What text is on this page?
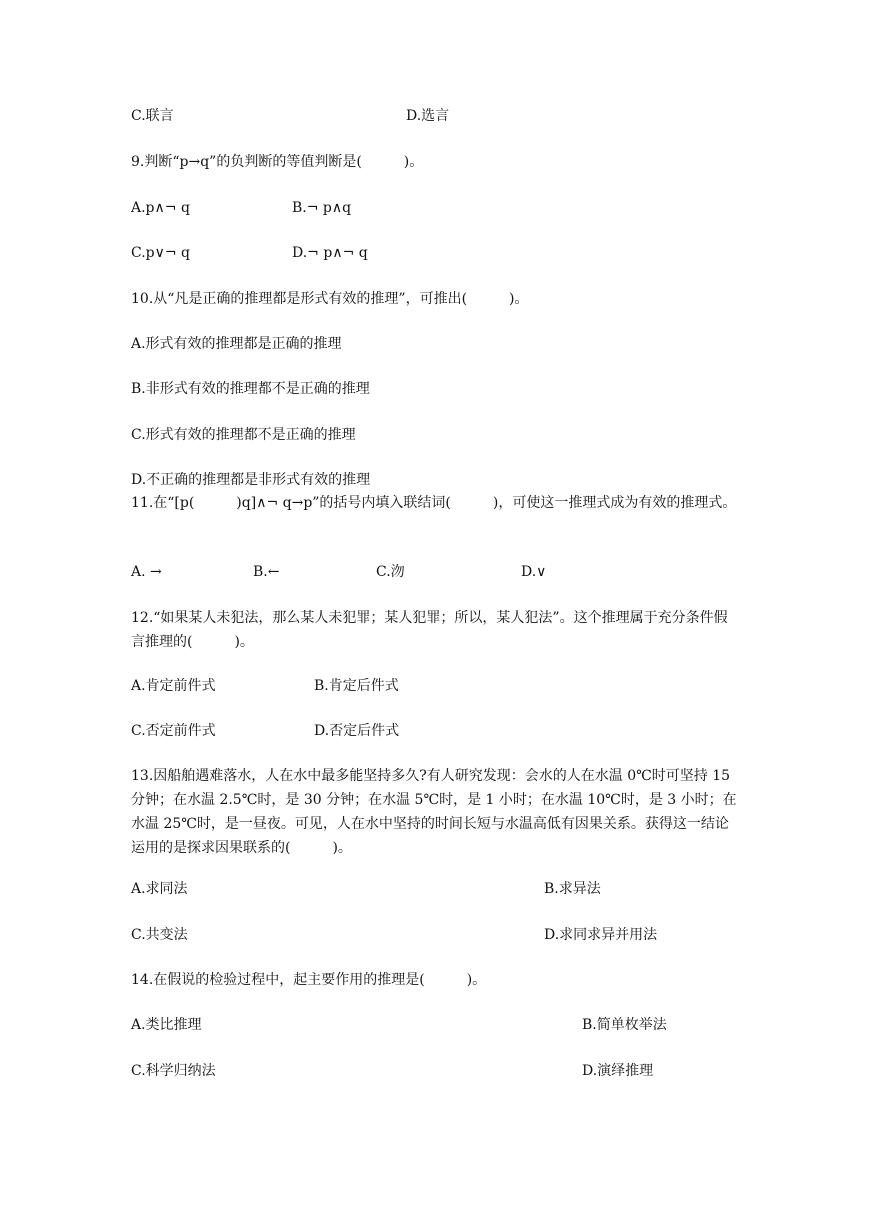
C.联言	D.选言
9.判断“p→q”的负判断的等值判断是(　　　)。
A.p∧¬ q	B.¬ p∧q
C.p∨¬ q	D.¬ p∧¬ q
10.从“凡是正确的推理都是形式有效的推理”，可推出(　　　)。
A.形式有效的推理都是正确的推理
B.非形式有效的推理都不是正确的推理
C.形式有效的推理都不是正确的推理
D.不正确的推理都是非形式有效的推理
11.在“[p(　　　)q]∧¬ q→p”的括号内填入联结词(　　　)，可使这一推理式成为有效的推理式。
A. →	B.←	C.沕	D.∨
12.“如果某人未犯法，那么某人未犯罪；某人犯罪；所以，某人犯法”。这个推理属于充分条件假言推理的(　　　)。
A.肯定前件式	B.肯定后件式
C.否定前件式	D.否定后件式
13.因船舶遇难落水，人在水中最多能坚持多久?有人研究发现：会水的人在水温 0℃时可坚持 15 分钟；在水温 2.5℃时，是 30 分钟；在水温 5℃时，是 1 小时；在水温 10℃时，是 3 小时；在水温 25℃时，是一昼夜。可见，人在水中坚持的时间长短与水温高低有因果关系。获得这一结论运用的是探求因果联系的(　　　)。
A.求同法	B.求异法
C.共变法	D.求同求异并用法
14.在假说的检验过程中，起主要作用的推理是(　　　)。
A.类比推理	B.简单枚举法
C.科学归纳法	D.演绎推理
